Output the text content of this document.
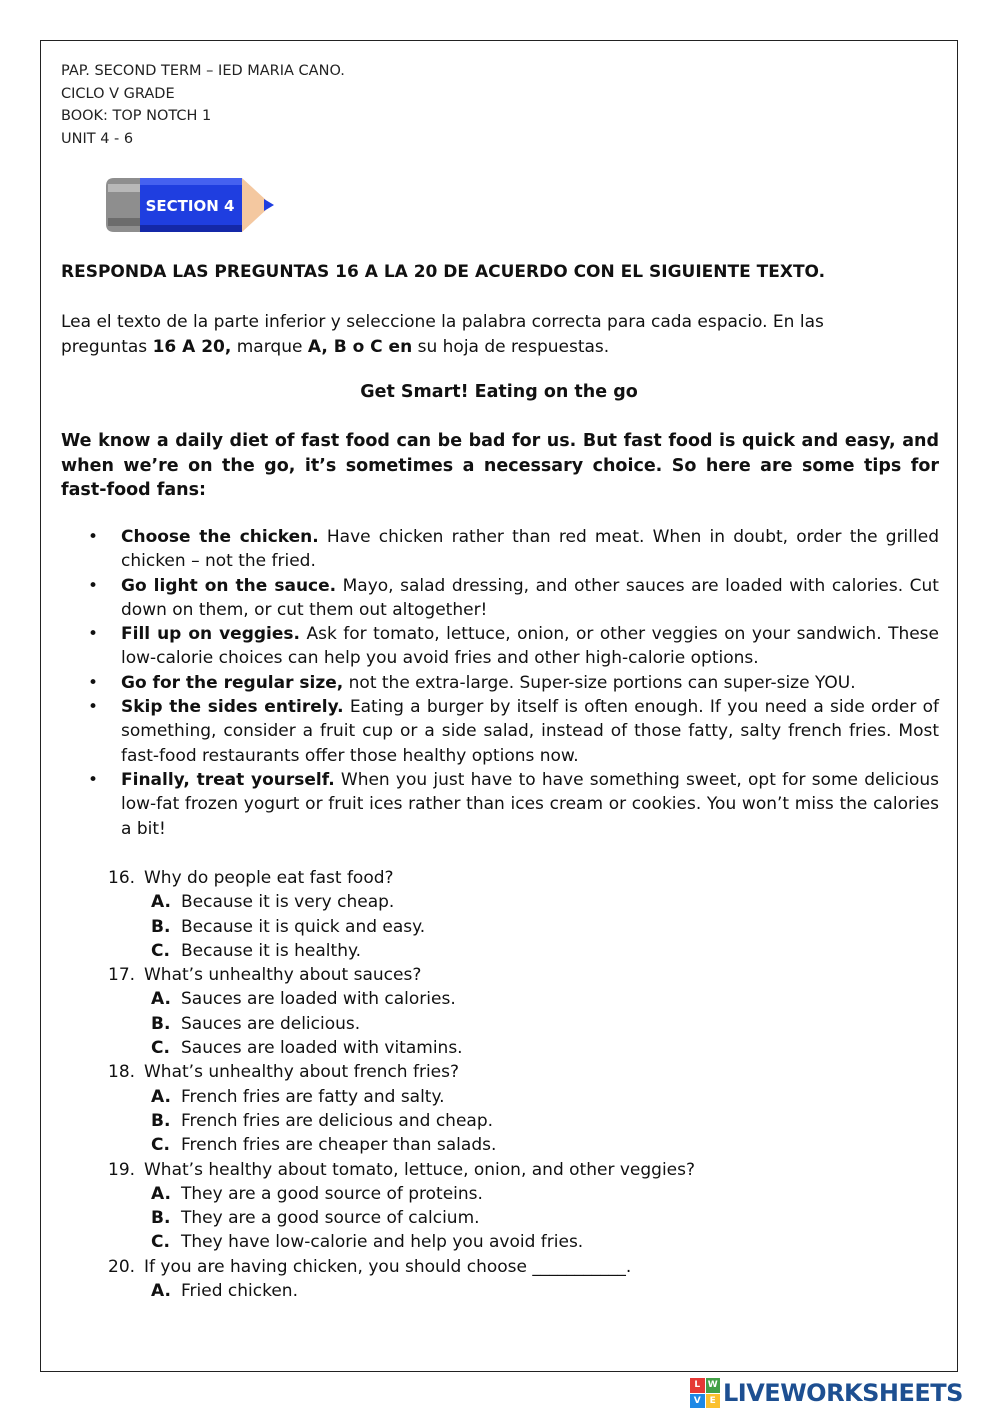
PAP. SECOND TERM – IED MARIA CANO.
CICLO V GRADE
BOOK: TOP NOTCH 1
UNIT 4 - 6
SECTION 4
RESPONDA LAS PREGUNTAS 16 A LA 20 DE ACUERDO CON EL SIGUIENTE TEXTO.
Lea el texto de la parte inferior y seleccione la palabra correcta para cada espacio. En las preguntas 16 A 20, marque A, B o C en su hoja de respuestas.
Get Smart! Eating on the go
We know a daily diet of fast food can be bad for us. But fast food is quick and easy, and when we’re on the go, it’s sometimes a necessary choice. So here are some tips for fast-food fans:
• Choose the chicken. Have chicken rather than red meat. When in doubt, order the grilled chicken – not the fried.
• Go light on the sauce. Mayo, salad dressing, and other sauces are loaded with calories. Cut down on them, or cut them out altogether!
• Fill up on veggies. Ask for tomato, lettuce, onion, or other veggies on your sandwich. These low-calorie choices can help you avoid fries and other high-calorie options.
• Go for the regular size, not the extra-large. Super-size portions can super-size YOU.
• Skip the sides entirely. Eating a burger by itself is often enough. If you need a side order of something, consider a fruit cup or a side salad, instead of those fatty, salty french fries. Most fast-food restaurants offer those healthy options now.
• Finally, treat yourself. When you just have to have something sweet, opt for some delicious low-fat frozen yogurt or fruit ices rather than ices cream or cookies. You won’t miss the calories a bit!
16. Why do people eat fast food?
A. Because it is very cheap.
B. Because it is quick and easy.
C. Because it is healthy.
17. What’s unhealthy about sauces?
A. Sauces are loaded with calories.
B. Sauces are delicious.
C. Sauces are loaded with vitamins.
18. What’s unhealthy about french fries?
A. French fries are fatty and salty.
B. French fries are delicious and cheap.
C. French fries are cheaper than salads.
19. What’s healthy about tomato, lettuce, onion, and other veggies?
A. They are a good source of proteins.
B. They are a good source of calcium.
C. They have low-calorie and help you avoid fries.
20. If you are having chicken, you should choose ___________.
A. Fried chicken.
L W
V E LIVEWORKSHEETS
